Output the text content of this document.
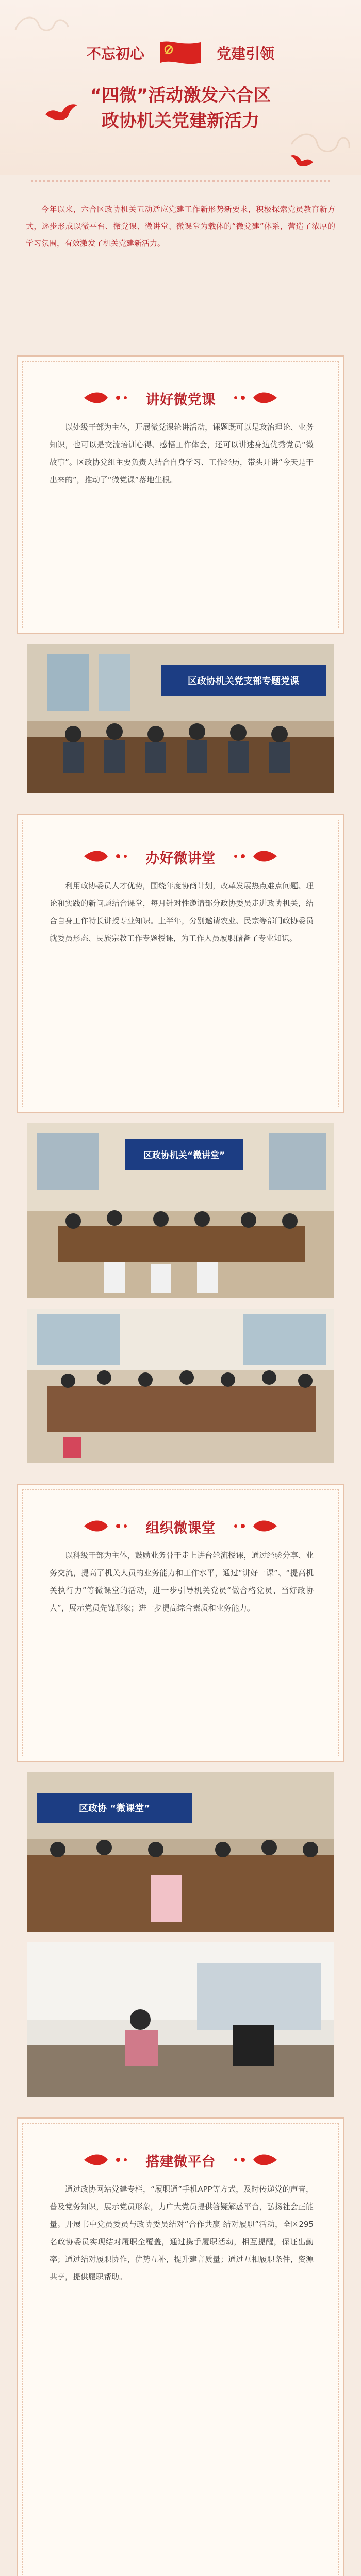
不忘初心	党建引领
“四微”活动激发六合区
政协机关党建新活力
今年以来，六合区政协机关五动适应党建工作新形势新要求，积极探索党员教育新方式，逐步形成以微平台、微党课、微讲堂、微课堂为载体的“微党建”体系，营造了浓厚的学习氛围，有效激发了机关党建新活力。
讲好微党课
以处级干部为主体，开展微党课轮讲活动，课题既可以是政治理论、业务知识，也可以是交流培训心得、感悟工作体会，还可以讲述身边优秀党员“微故事”。区政协党组主要负责人结合自身学习、工作经历，带头开讲“今天是干出来的”，推动了“微党课”落地生根。
区政协机关党支部专题党课
办好微讲堂
利用政协委员人才优势，围绕年度协商计划，改革发展热点难点问题、理论和实践的新问题结合课堂，每月针对性邀请部分政协委员走进政协机关，结合自身工作特长讲授专业知识。上半年，分别邀请农业、民宗等部门政协委员就委员形态、民族宗教工作专题授课，为工作人员履职储备了专业知识。
区政协机关“微讲堂”
组织微课堂
以科级干部为主体，鼓励业务骨干走上讲台轮流授课，通过经验分享、业务交流，提高了机关人员的业务能力和工作水平，通过“讲好一课”、“提高机关执行力”等微课堂的活动，进一步引导机关党员“做合格党员、当好政协人”，展示党员先锋形象；进一步提高综合素质和业务能力。
区政协 “微课堂”
搭建微平台
通过政协网站党建专栏，“履职通”手机APP等方式，及时传递党的声音，普及党务知识，展示党员形象，力广大党员提供答疑解惑平台，弘扬社会正能量。开展书中党员委员与政协委员结对“合作共赢 结对履职”活动，全区295名政协委员实现结对履职全覆盖，通过携手履职活动，相互提醒，保证出勤率；通过结对履职协作，优势互补，提升建言质量；通过互相履职条件，资源共享，提供履职帮助。
